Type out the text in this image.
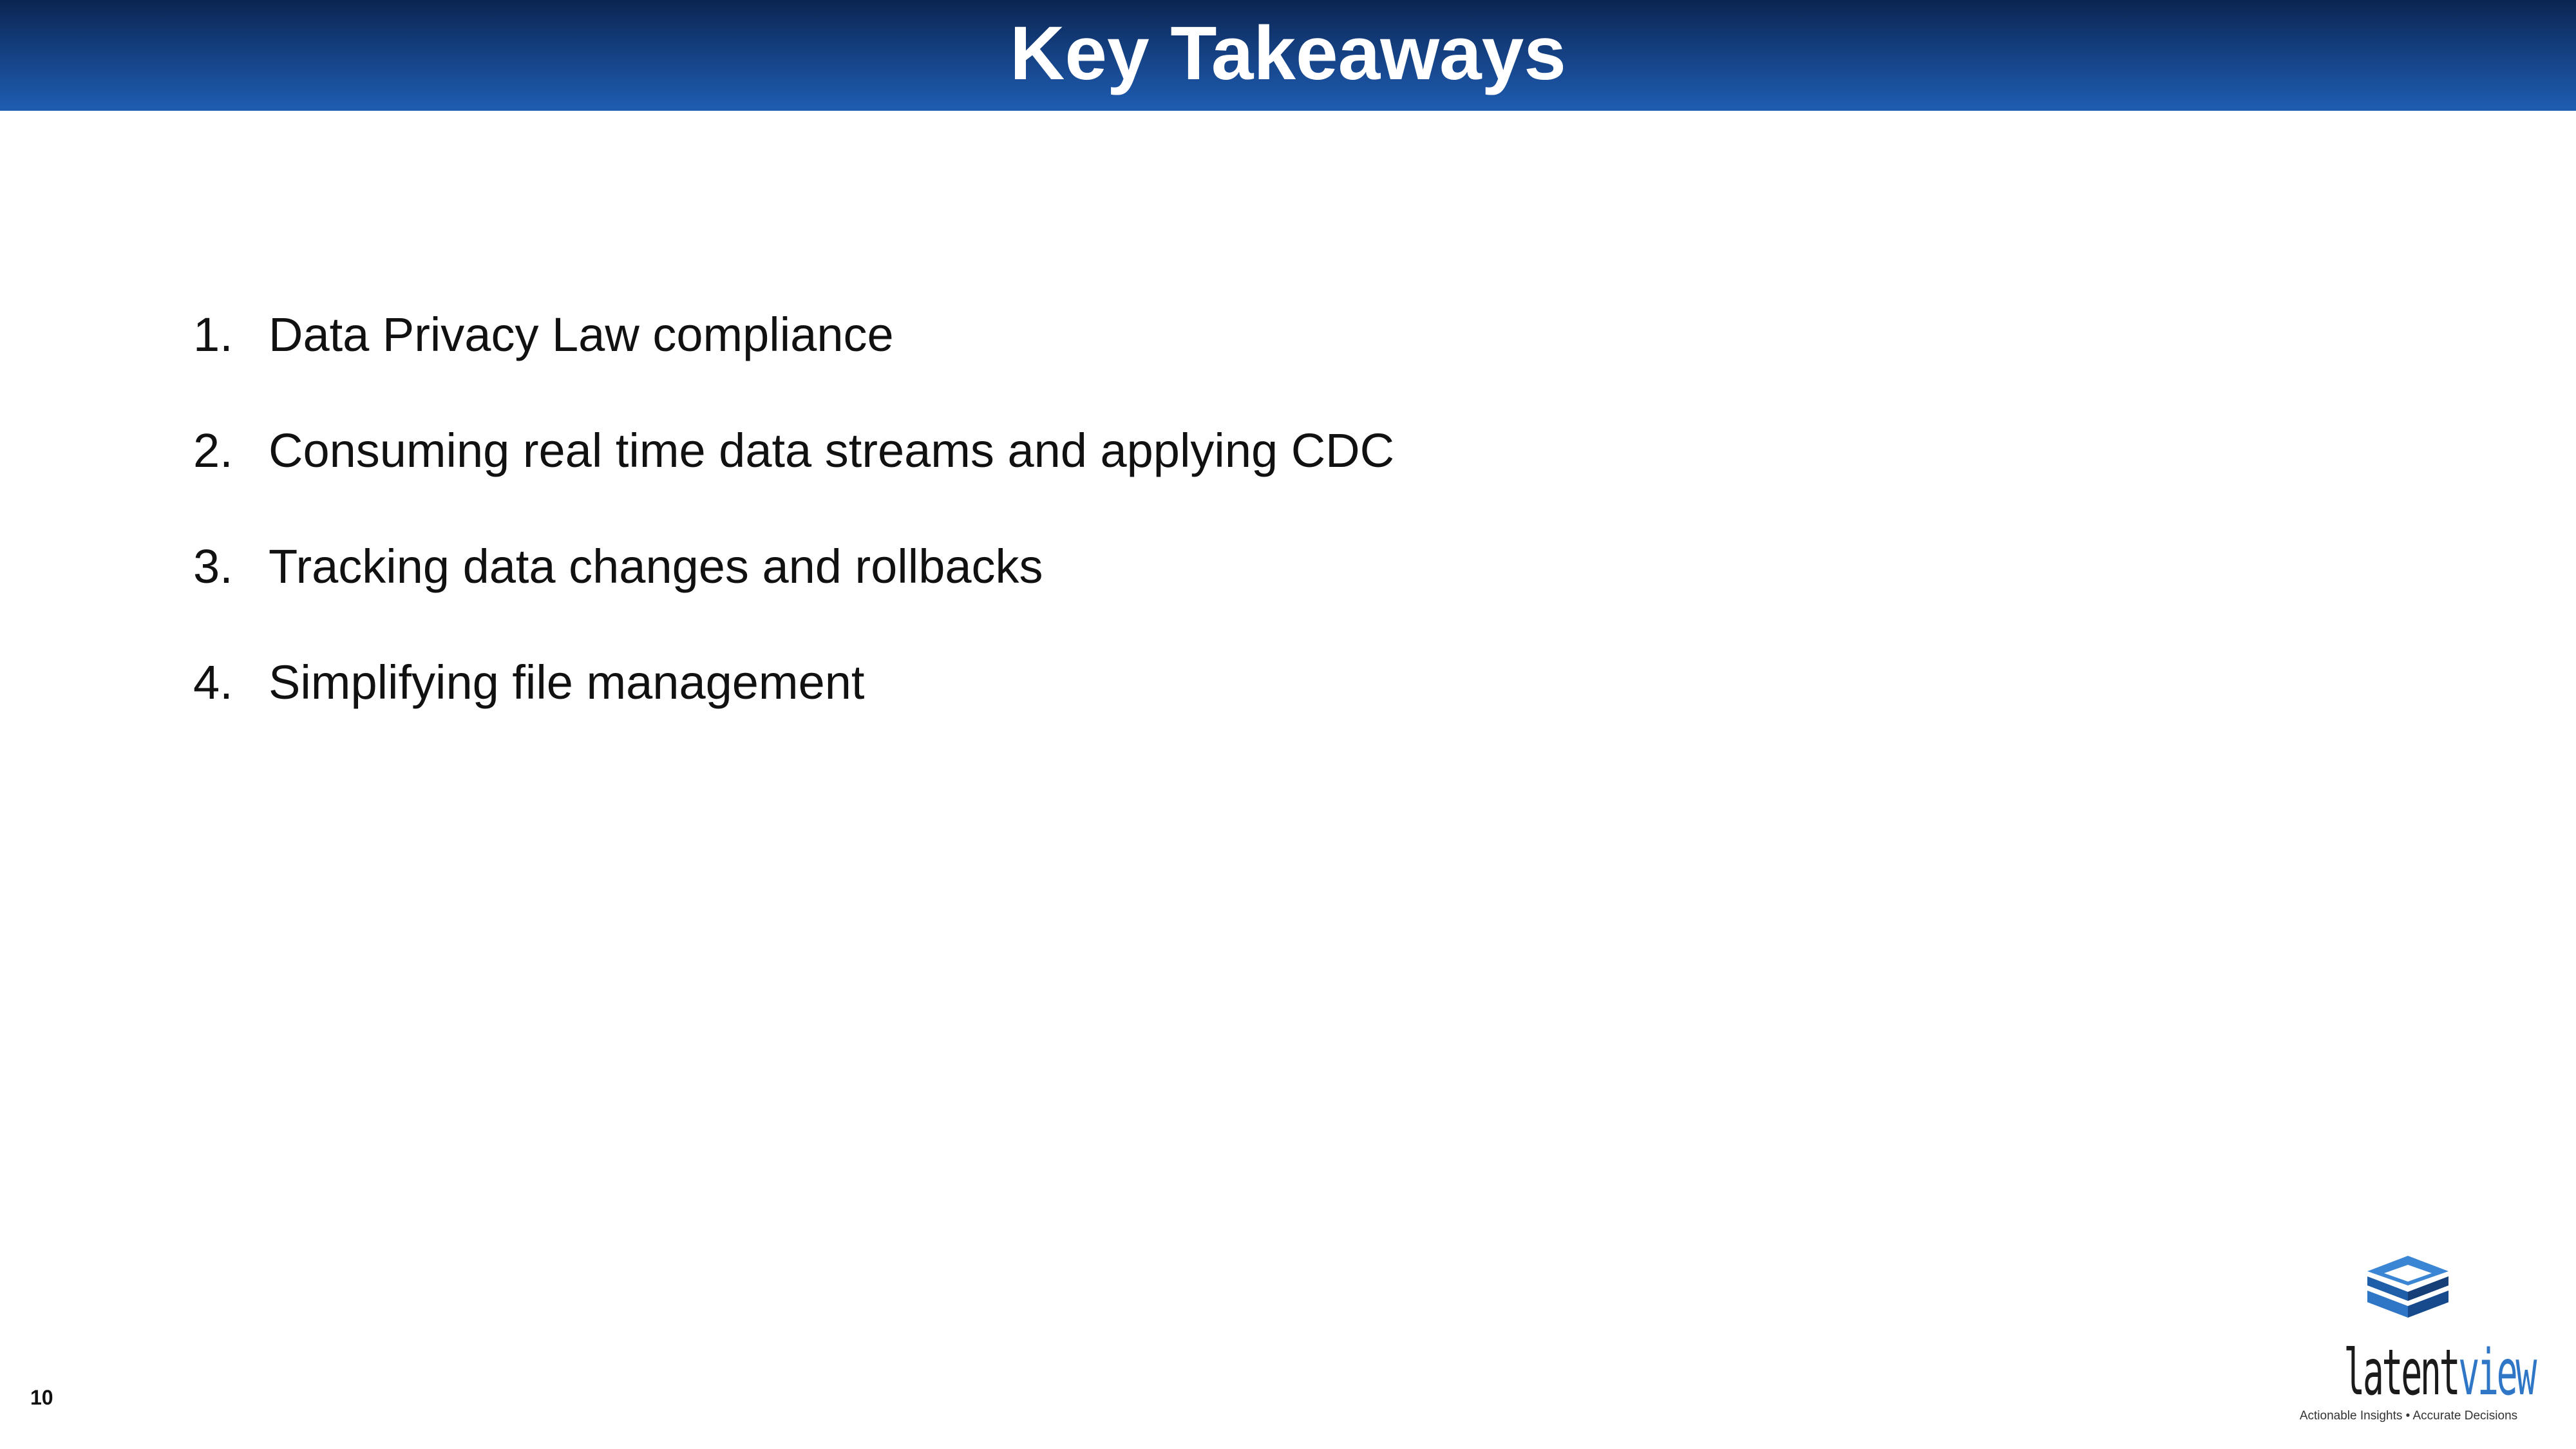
Key Takeaways
1. Data Privacy Law compliance
2. Consuming real time data streams and applying CDC
3. Tracking data changes and rollbacks
4. Simplifying file management
10	latentview
Actionable Insights • Accurate Decisions
